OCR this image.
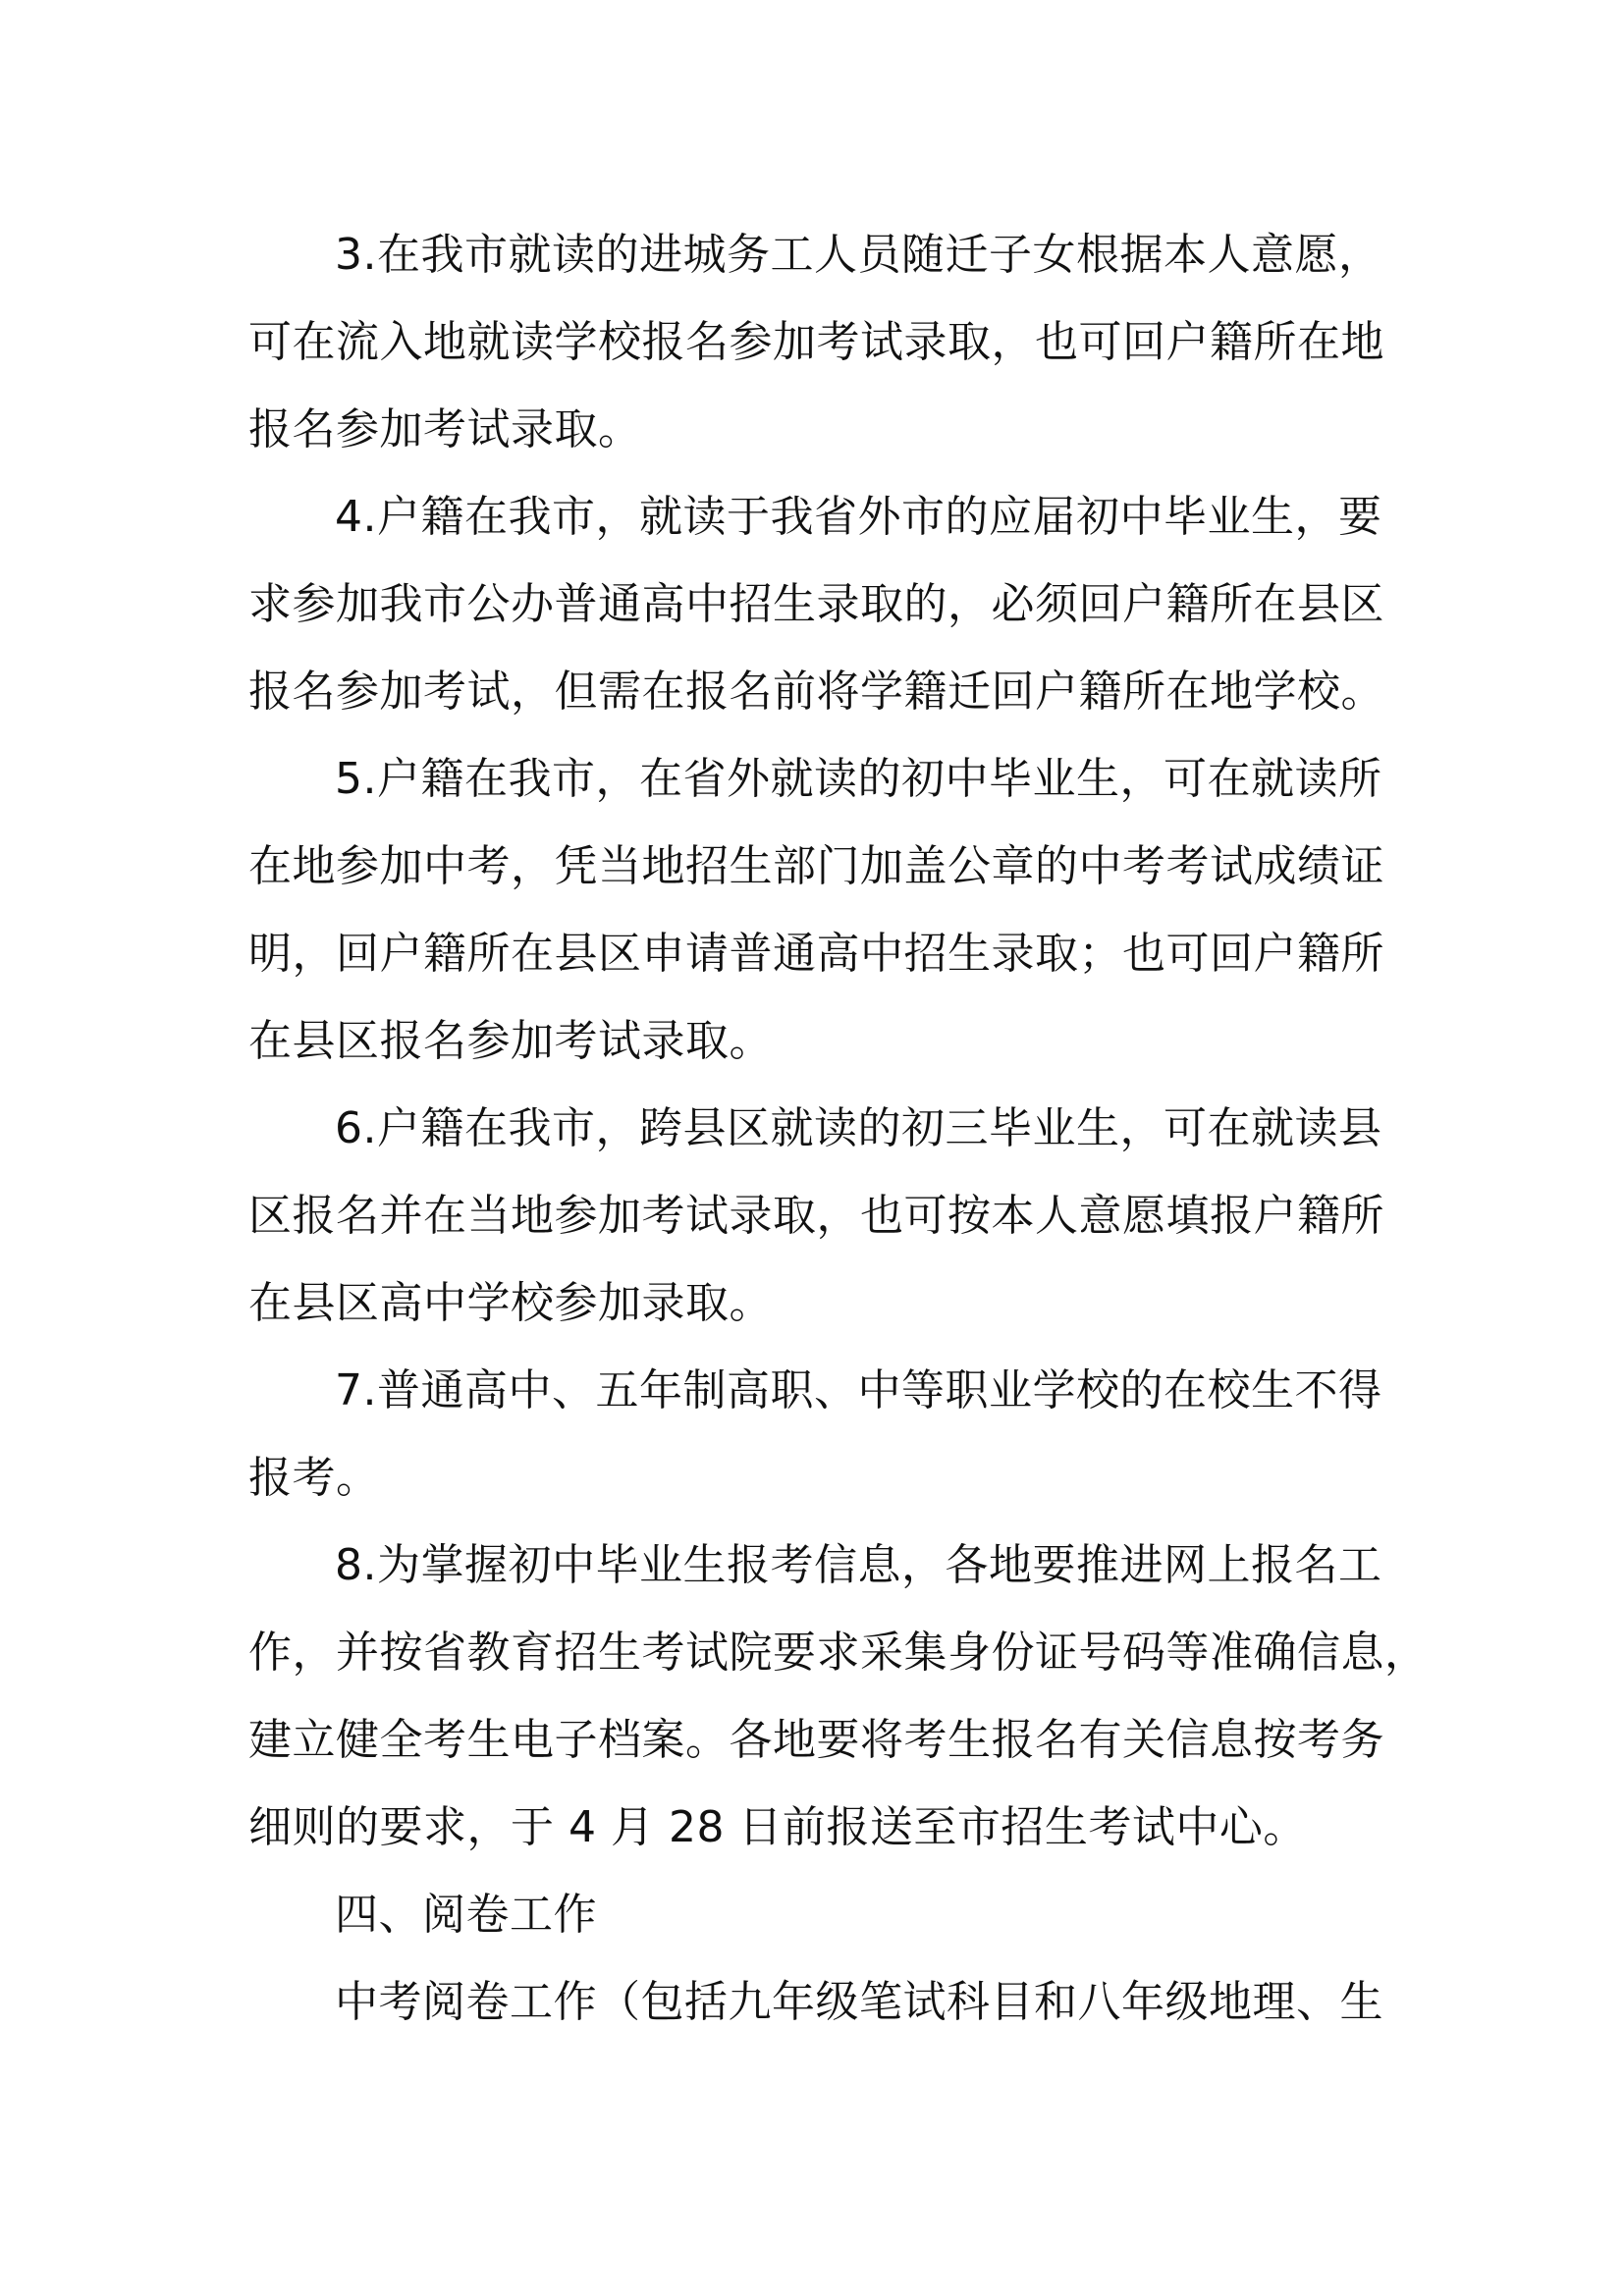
3.在我市就读的进城务工人员随迁子女根据本人意愿，

可在流入地就读学校报名参加考试录取，也可回户籍所在地

报名参加考试录取。

4.户籍在我市，就读于我省外市的应届初中毕业生，要

求参加我市公办普通高中招生录取的，必须回户籍所在县区

报名参加考试，但需在报名前将学籍迁回户籍所在地学校。

5.户籍在我市，在省外就读的初中毕业生，可在就读所

在地参加中考，凭当地招生部门加盖公章的中考考试成绩证

明，回户籍所在县区申请普通高中招生录取；也可回户籍所

在县区报名参加考试录取。

6.户籍在我市，跨县区就读的初三毕业生，可在就读县

区报名并在当地参加考试录取，也可按本人意愿填报户籍所

在县区高中学校参加录取。

7.普通高中、五年制高职、中等职业学校的在校生不得

报考。

8.为掌握初中毕业生报考信息，各地要推进网上报名工

作，并按省教育招生考试院要求采集身份证号码等准确信息，

建立健全考生电子档案。各地要将考生报名有关信息按考务

细则的要求，于 4 月 28 日前报送至市招生考试中心。

四、阅卷工作

中考阅卷工作（包括九年级笔试科目和八年级地理、生
